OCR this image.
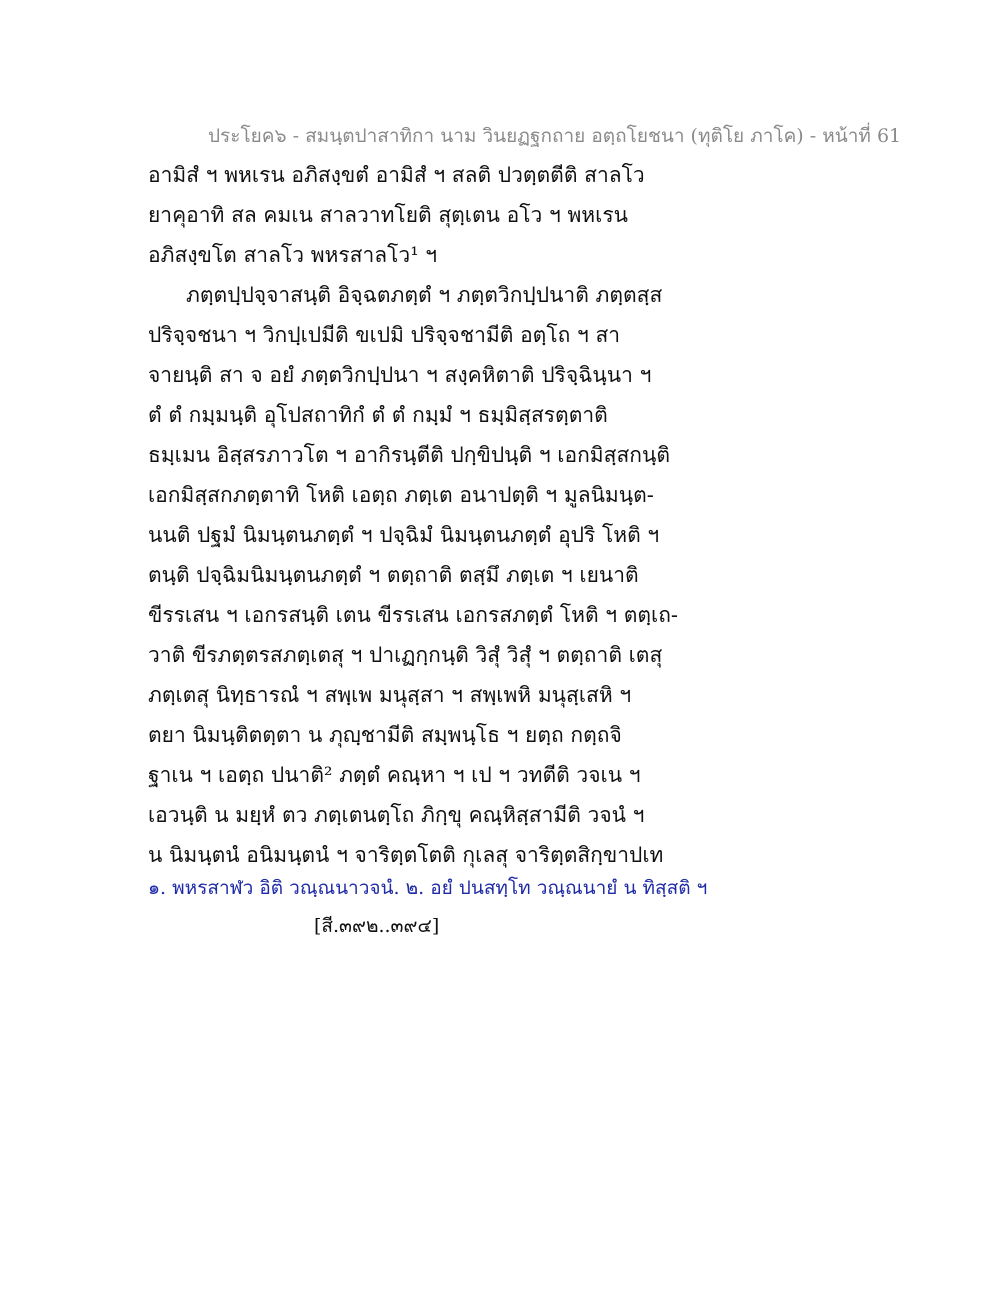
ประโยค๖ - สมนฺตปาสาทิกา นาม วินยฏฐกถาย อตฺถโยชนา (ทุติโย ภาโค) - หน้าที่ 61
อามิสํ ฯ พหเรน อภิสงฺขตํ อามิสํ ฯ สลติ ปวตฺตตีติ สาลโว
ยาคุอาทิ สล คมเน สาลวาทโยติ สุตฺเตน อโว ฯ พหเรน
อภิสงฺขโต สาลโว พหรสาลโว¹ ฯ
ภตฺตปฺปจฺจาสนฺติ อิจฺฉตภตฺตํ ฯ ภตฺตวิกปฺปนาติ ภตฺตสฺส
ปริจฺจชนา ฯ วิกปฺเปมีติ ขเปมิ ปริจฺจชามีติ อตฺโถ ฯ สา
จายนฺติ สา จ อยํ ภตฺตวิกปฺปนา ฯ สงฺคหิตาติ ปริจฺฉินฺนา ฯ
ตํ ตํ กมฺมนฺติ อุโปสถาทิกํ ตํ ตํ กมฺมํ ฯ ธมฺมิสฺสรตฺตาติ
ธมฺเมน อิสฺสรภาวโต ฯ อากิรนฺตีติ ปกฺขิปนฺติ ฯ เอกมิสฺสกนฺติ
เอกมิสฺสกภตฺตาทิ โหติ เอตฺถ ภตฺเต อนาปตฺติ ฯ มูลนิมนฺต-
นนติ ปฐมํ นิมนฺตนภตฺตํ ฯ ปจฺฉิมํ นิมนฺตนภตฺตํ อุปริ โหติ ฯ
ตนฺติ ปจฺฉิมนิมนฺตนภตฺตํ ฯ ตตฺถาติ ตสฺมึ ภตฺเต ฯ เยนาติ
ขีรรเสน ฯ เอกรสนฺติ เตน ขีรรเสน เอกรสภตฺตํ โหติ ฯ ตตฺเถ-
วาติ ขีรภตฺตรสภตฺเตสุ ฯ ปาเฏกฺกนฺติ วิสุํ วิสุํ ฯ ตตฺถาติ เตสุ
ภตฺเตสุ นิทฺธารณํ ฯ สพฺเพ มนุสฺสา ฯ สพฺเพหิ มนุสฺเสหิ ฯ
ตยา นิมนฺติตตฺตา น ภุญฺชามีติ สมฺพนฺโธ ฯ ยตฺถ กตฺถจิ
ฐาเน ฯ เอตฺถ ปนาติ² ภตฺตํ คณฺหา ฯ เป ฯ วทตีติ วจเน ฯ
เอวนฺติ น มยฺหํ ตว ภตฺเตนตฺโถ ภิกฺขุ คณฺหิสฺสามีติ วจนํ ฯ
น นิมนฺตนํ อนิมนฺตนํ ฯ จาริตฺตโตติ กุเลสุ จาริตฺตสิกฺขาปเท
๑. พหรสาฬว อิติ วณฺณนาวจนํ. ๒. อยํ ปนสทฺโท วณฺณนายํ น ทิสฺสติ ฯ
[สี.๓๙๒..๓๙๔]
